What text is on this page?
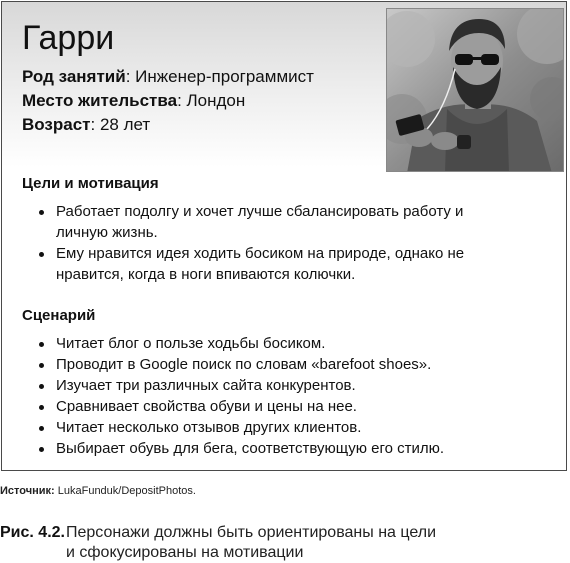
Гарри
Род занятий: Инженер-программист
Место жительства: Лондон
Возраст: 28 лет
Цели и мотивация
Работает подолгу и хочет лучше сбалансировать работу и личную жизнь.
Ему нравится идея ходить босиком на природе, однако не нравится, когда в ноги впиваются колючки.
Сценарий
Читает блог о пользе ходьбы босиком.
Проводит в Google поиск по словам «barefoot shoes».
Изучает три различных сайта конкурентов.
Сравнивает свойства обуви и цены на нее.
Читает несколько отзывов других клиентов.
Выбирает обувь для бега, соответствующую его стилю.
Источник: LukaFunduk/DepositPhotos.
Рис. 4.2.Персонажи должны быть ориентированы на цели
и сфокусированы на мотивации
